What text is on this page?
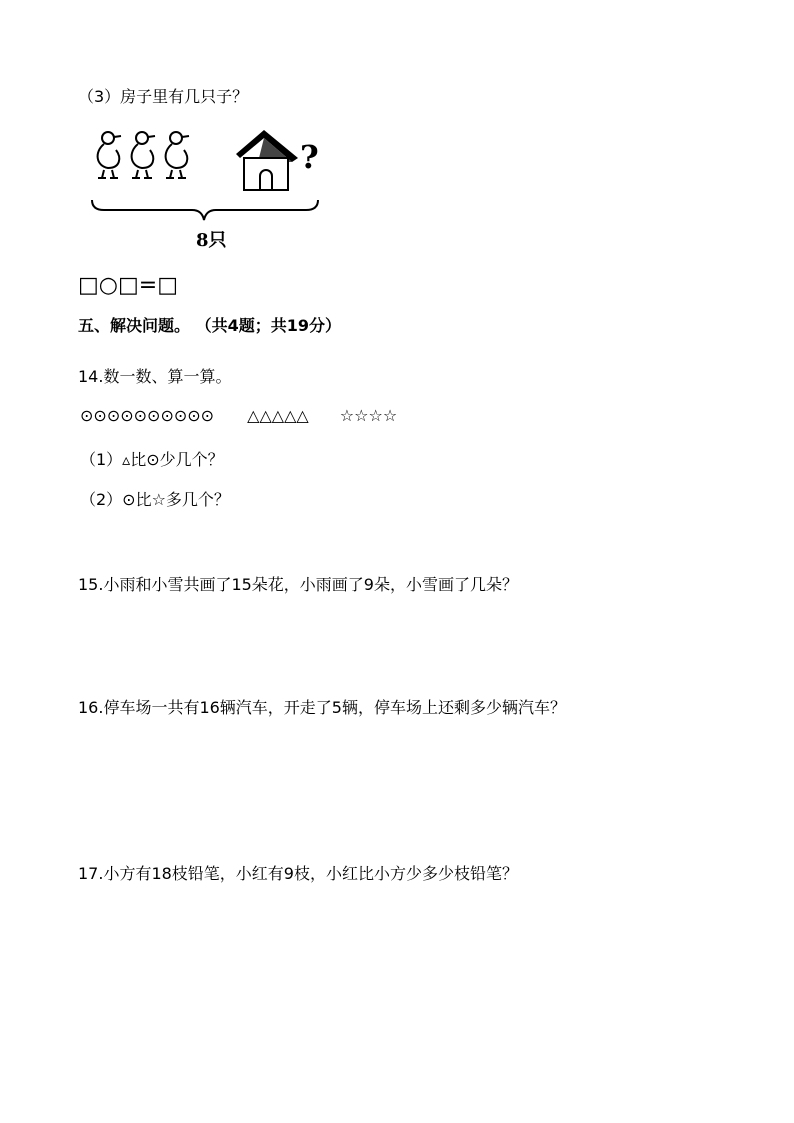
（3）房子里有几只子？
?
8只
□○□=□
五、解决问题。 （共4题；共19分）
14.数一数、算一算。
⊙⊙⊙⊙⊙⊙⊙⊙⊙⊙ △△△△△ ☆☆☆☆
（1）▵比⊙少几个？
（2）⊙比☆多几个？
15.小雨和小雪共画了15朵花，小雨画了9朵，小雪画了几朵？
16.停车场一共有16辆汽车，开走了5辆，停车场上还剩多少辆汽车？
17.小方有18枝铅笔，小红有9枝，小红比小方少多少枝铅笔？
